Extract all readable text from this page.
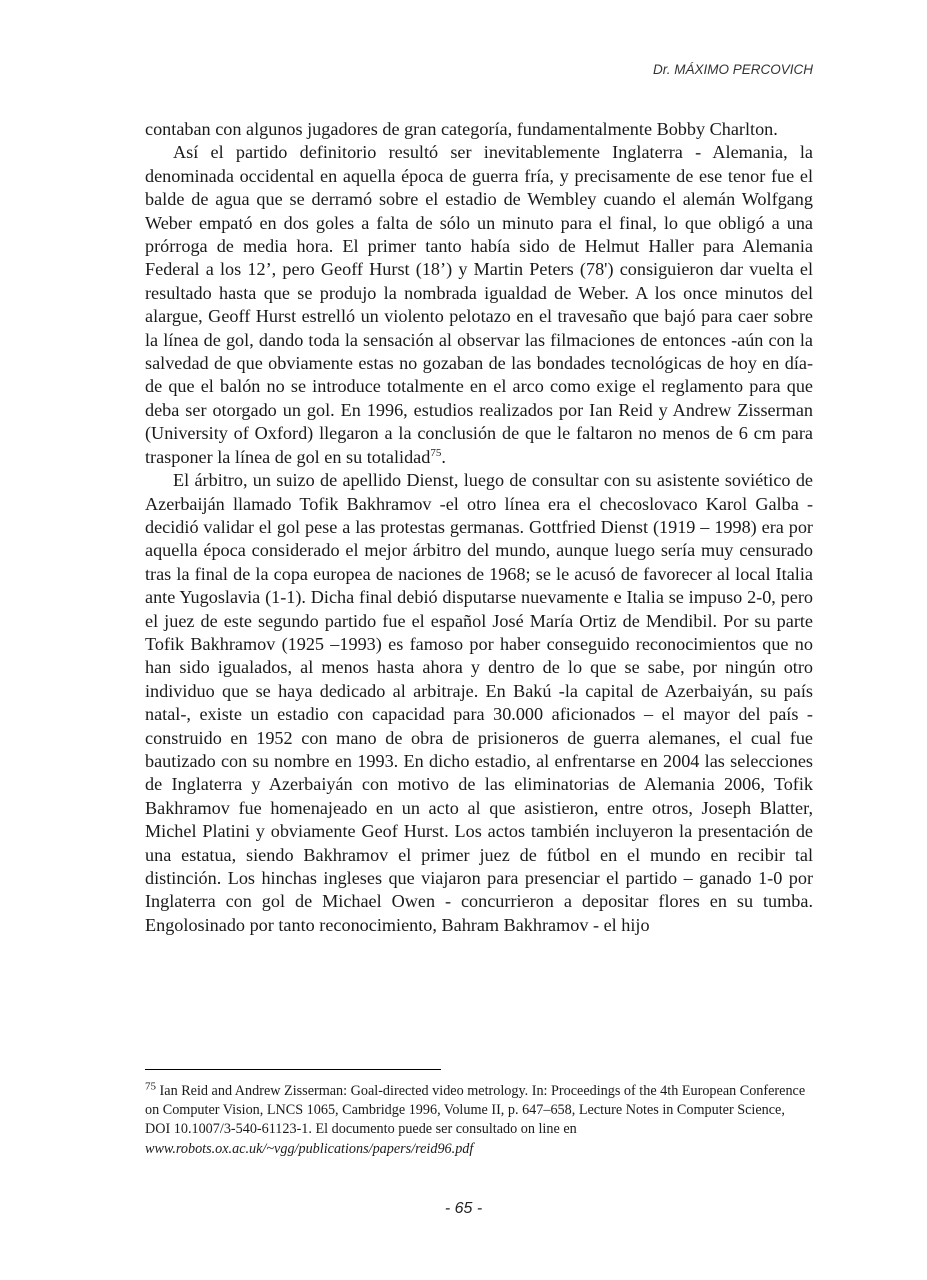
Dr. MÁXIMO PERCOVICH

contaban con algunos jugadores de gran categoría, fundamentalmente Bobby Charlton.

Así el partido definitorio resultó ser inevitablemente Inglaterra - Alemania, la denominada occidental en aquella época de guerra fría, y precisamente de ese tenor fue el balde de agua que se derramó sobre el estadio de Wembley cuando el alemán Wolfgang Weber empató en dos goles a falta de sólo un minuto para el final, lo que obligó a una prórroga de media hora. El primer tanto había sido de Helmut Haller para Alemania Federal a los 12’, pero Geoff Hurst (18’) y Martin Peters (78') consiguieron dar vuelta el resultado hasta que se produjo la nombrada igualdad de Weber. A los once minutos del alargue, Geoff Hurst estrelló un violento pelotazo en el travesaño que bajó para caer sobre la línea de gol, dando toda la sensación al observar las filmaciones de entonces -aún con la salvedad de que obviamente estas no gozaban de las bondades tecnológicas de hoy en día- de que el balón no se introduce totalmente en el arco como exige el reglamento para que deba ser otorgado un gol. En 1996, estudios realizados por Ian Reid y Andrew Zisserman (University of Oxford) llegaron a la conclusión de que le faltaron no menos de 6 cm para trasponer la línea de gol en su totalidad$^{75}$.

El árbitro, un suizo de apellido Dienst, luego de consultar con su asistente soviético de Azerbaiján llamado Tofik Bakhramov -el otro línea era el checoslovaco Karol Galba - decidió validar el gol pese a las protestas germanas. Gottfried Dienst (1919 – 1998) era por aquella época considerado el mejor árbitro del mundo, aunque luego sería muy censurado tras la final de la copa europea de naciones de 1968; se le acusó de favorecer al local Italia ante Yugoslavia (1-1). Dicha final debió disputarse nuevamente e Italia se impuso 2-0, pero el juez de este segundo partido fue el español José María Ortiz de Mendibil. Por su parte Tofik Bakhramov (1925 –1993) es famoso por haber conseguido reconocimientos que no han sido igualados, al menos hasta ahora y dentro de lo que se sabe, por ningún otro individuo que se haya dedicado al arbitraje. En Bakú -la capital de Azerbaiyán, su país natal-, existe un estadio con capacidad para 30.000 aficionados – el mayor del país - construido en 1952 con mano de obra de prisioneros de guerra alemanes, el cual fue bautizado con su nombre en 1993. En dicho estadio, al enfrentarse en 2004 las selecciones de Inglaterra y Azerbaiyán con motivo de las eliminatorias de Alemania 2006, Tofik Bakhramov fue homenajeado en un acto al que asistieron, entre otros, Joseph Blatter, Michel Platini y obviamente Geof Hurst. Los actos también incluyeron la presentación de una estatua, siendo Bakhramov el primer juez de fútbol en el mundo en recibir tal distinción. Los hinchas ingleses que viajaron para presenciar el partido – ganado 1-0 por Inglaterra con gol de Michael Owen - concurrieron a depositar flores en su tumba. Engolosinado por tanto reconocimiento, Bahram Bakhramov - el hijo

$^{75}$ Ian Reid and Andrew Zisserman: Goal-directed video metrology. In: Proceedings of the 4th European Conference on Computer Vision, LNCS 1065, Cambridge 1996, Volume II, p. 647–658, Lecture Notes in Computer Science, DOI 10.1007/3-540-61123-1. El documento puede ser consultado on line en www.robots.ox.ac.uk/~vgg/publications/papers/reid96.pdf
- 65 -
